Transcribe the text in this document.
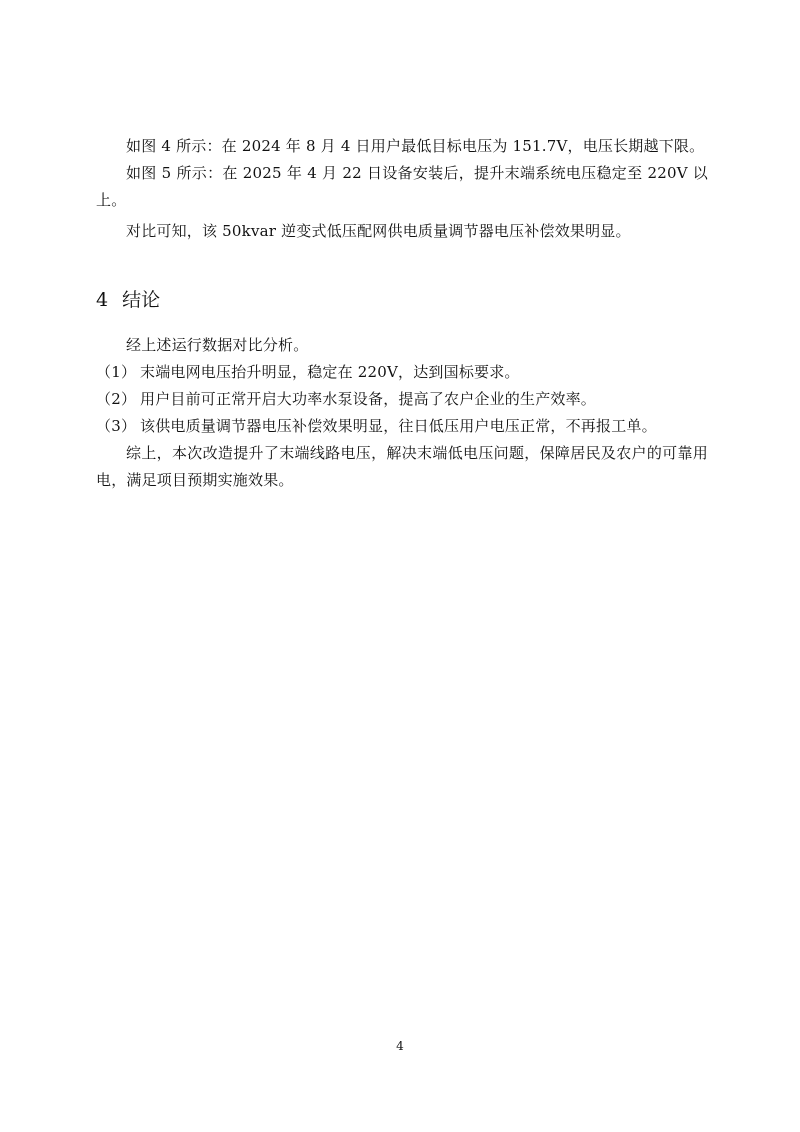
如图 4 所示：在 2024 年 8 月 4 日用户最低目标电压为 151.7V，电压长期越下限。

如图 5 所示：在 2025 年 4 月 22 日设备安装后，提升末端系统电压稳定至 220V 以上。

对比可知，该 50kvar 逆变式低压配网供电质量调节器电压补偿效果明显。

4 结论

经上述运行数据对比分析。

（1） 末端电网电压抬升明显，稳定在 220V，达到国标要求。
（2） 用户目前可正常开启大功率水泵设备，提高了农户企业的生产效率。
（3） 该供电质量调节器电压补偿效果明显，往日低压用户电压正常，不再报工单。

综上，本次改造提升了末端线路电压，解决末端低电压问题，保障居民及农户的可靠用电，满足项目预期实施效果。

4
